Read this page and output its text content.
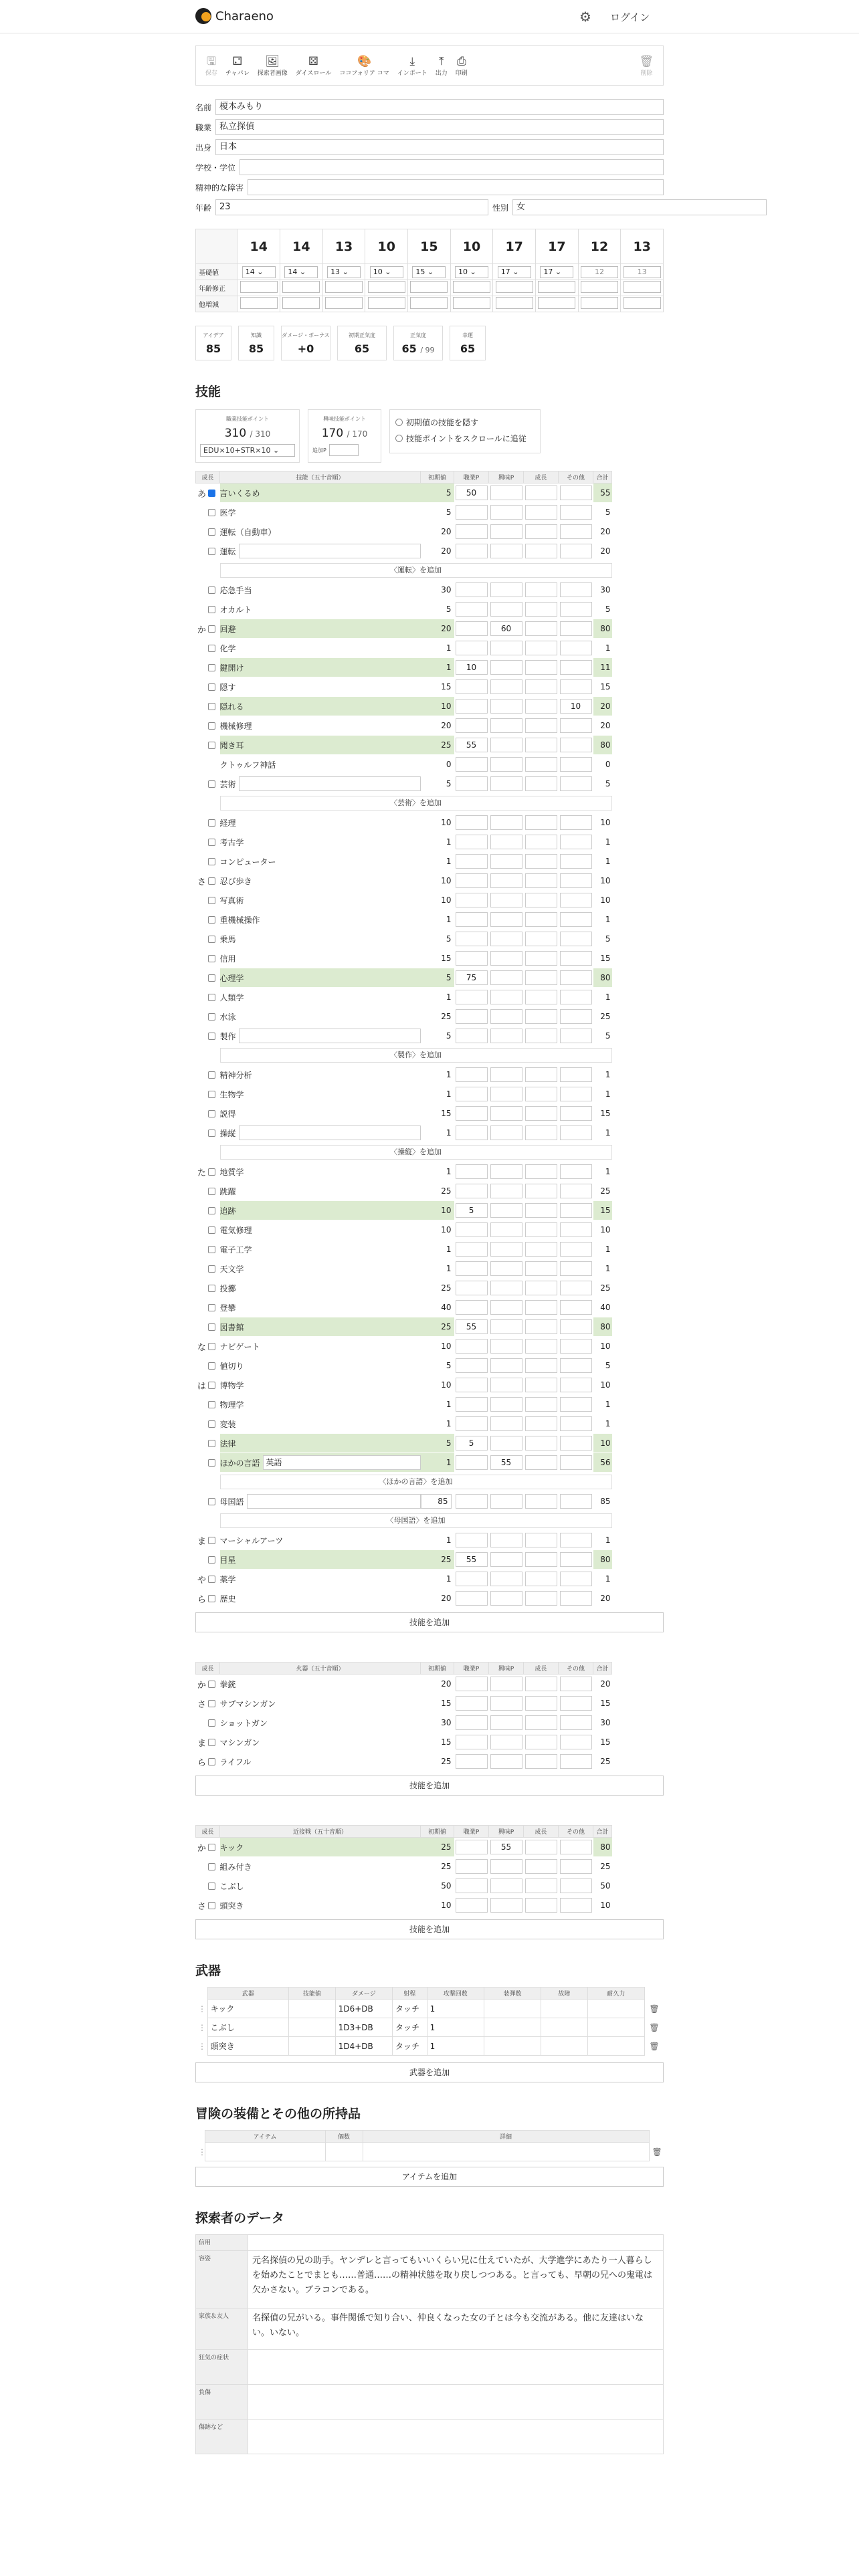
Charaeno	⚙ ログイン
🖫
保存
⚁
チャパレ
🖼
探索者画像
⚄
ダイスロール
🎨
ココフォリア コマ
⤓
インポート
⤒
出力
⎙
印刷
🗑
削除
名前 榎本みもり
職業 私立探偵
出身 日本
学校・学位
精神的な障害
年齢 23	性別 女
	14	14	13	10	15	10	17	17	12	13
基礎値	14 ⌄	14 ⌄	13 ⌄	10 ⌄	15 ⌄	10 ⌄	17 ⌄	17 ⌄	12	13
年齢修正										
他増減										
アイデア
85
知識
85
ダメージ・ボーナス
+0
初期正気度
65
正気度
65 / 99
幸運
65
技能
職業技能ポイント
310 / 310
EDU×10+STR×10 ⌄
興味技能ポイント
170 / 170
追加P
初期値の技能を隠す
技能ポイントをスクロールに追従
成長		技能（五十音順）	初期値	職業P	興味P	成長	その他	合計	
あ		言いくるめ	5	50				55	

		医学	5					5	

		運転（自動車）	20					20	

		運転	20					20	

		〈運転〉を追加							

		応急手当	30					30	

		オカルト	5					5	
か		回避	20		60			80	

		化学	1					1	

		鍵開け	1	10				11	

		隠す	15					15	

		隠れる	10				10	20	

		機械修理	20					20	

		聞き耳	25	55				80	

		クトゥルフ神話	0					0	

		芸術	5					5	

		〈芸術〉を追加							

		経理	10					10	

		考古学	1					1	

		コンピューター	1					1	
さ		忍び歩き	10					10	

		写真術	10					10	

		重機械操作	1					1	

		乗馬	5					5	

		信用	15					15	

		心理学	5	75				80	

		人類学	1					1	

		水泳	25					25	

		製作	5					5	

		〈製作〉を追加							

		精神分析	1					1	

		生物学	1					1	

		説得	15					15	

		操縦	1					1	

		〈操縦〉を追加							

た		地質学	1					1	

		跳躍	25					25	

		追跡	10	5				15	

		電気修理	10					10	

		電子工学	1					1	

		天文学	1					1	

		投擲	25					25	

		登攀	40					40	

		図書館	25	55				80	
な		ナビゲート	10					10	

		値切り	5					5	
は		博物学	10					10	

		物理学	1					1	

		変装	1					1	

		法律	5	5				10	

		ほかの言語 英語	1		55			56	

		〈ほかの言語〉を追加							

		母国語	85					85	

		〈母国語〉を追加							

ま		マーシャルアーツ	1					1	

		目星	25	55				80	
や		薬学	1					1	
ら		歴史	20					20	
技能を追加
成長		火器（五十音順）	初期値	職業P	興味P	成長	その他	合計	
か		拳銃	20					20	
さ		サブマシンガン	15					15	

		ショットガン	30					30	
ま		マシンガン	15					15	
ら		ライフル	25					25	
技能を追加
成長		近接戦（五十音順）	初期値	職業P	興味P	成長	その他	合計	
か		キック	25		55			80	

		組み付き	25					25	

		こぶし	50					50	
さ		頭突き	10					10	
技能を追加
武器
	武器	技能値	ダメージ	射程	攻撃回数	装弾数	故障	耐久力	
⋮	キック		1D6+DB	タッチ	1				🗑
⋮	こぶし		1D3+DB	タッチ	1				🗑
⋮	頭突き		1D4+DB	タッチ	1				🗑
武器を追加
冒険の装備とその他の所持品
	アイテム	個数	詳細	
⋮				🗑
アイテムを追加
探索者のデータ
信用	
容姿	元名探偵の兄の助手。ヤンデレと言ってもいいくらい兄に仕えていたが、大学進学にあたり一人暮らしを始めたことでまとも……普通……の精神状態を取り戻しつつある。と言っても、早朝の兄への鬼電は欠かさない。ブラコンである。
家族＆友人	名探偵の兄がいる。事件関係で知り合い、仲良くなった女の子とは今も交流がある。他に友達はいない。いない。
狂気の症状	
負傷	
傷跡など	
